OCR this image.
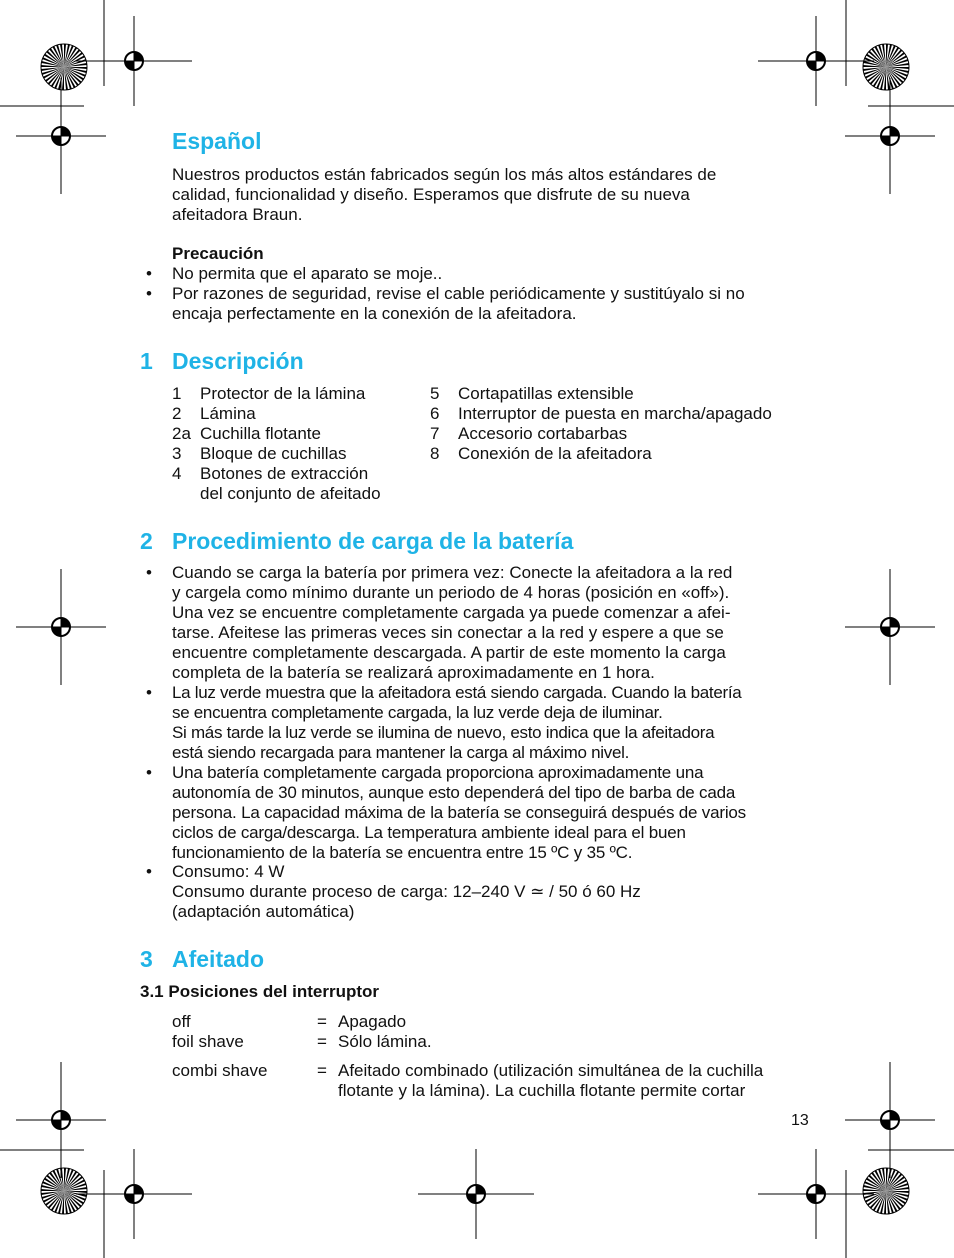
Español

Nuestros productos están fabricados según los más altos estándares de

calidad, funcionalidad y diseño. Esperamos que disfrute de su nueva

afeitadora Braun.

Precaución
• No permita que el aparato se moje..

• Por razones de seguridad, revise el cable periódicamente y sustitúyalo si no

encaja perfectamente en la conexión de la afeitadora.

1 Descripción
1 Protector de la lámina
2 Lámina
2a Cuchilla flotante
3 Bloque de cuchillas
4 Botones de extracción
del conjunto de afeitado
5 Cortapatillas extensible
6 Interruptor de puesta en marcha/apagado
7 Accesorio cortabarbas
8 Conexión de la afeitadora
2 Procedimiento de carga de la batería
• Cuando se carga la batería por primera vez: Conecte la afeitadora a la red

y cargela como mínimo durante un periodo de 4 horas (posición en «off»).

Una vez se encuentre completamente cargada ya puede comenzar a afei-

tarse. Afeitese las primeras veces sin conectar a la red y espere a que se

encuentre completamente descargada. A partir de este momento la carga

completa de la batería se realizará aproximadamente en 1 hora.

• La luz verde muestra que la afeitadora está siendo cargada. Cuando la batería

se encuentra completamente cargada, la luz verde deja de iluminar.

Si más tarde la luz verde se ilumina de nuevo, esto indica que la afeitadora

está siendo recargada para mantener la carga al máximo nivel.

• Una batería completamente cargada proporciona aproximadamente una

autonomía de 30 minutos, aunque esto dependerá del tipo de barba de cada

persona. La capacidad máxima de la batería se conseguirá después de varios

ciclos de carga/descarga. La temperatura ambiente ideal para el buen

funcionamiento de la batería se encuentra entre 15 ºC y 35 ºC.

• Consumo: 4 W

Consumo durante proceso de carga: 12–240 V ≃ / 50 ó 60 Hz

(adaptación automática)

3 Afeitado
3.1 Posiciones del interruptor
off	= Apagado
foil shave	= Sólo lámina.
combi shave	= Afeitado combinado (utilización simultánea de la cuchilla

flotante y la lámina). La cuchilla flotante permite cortar

13
